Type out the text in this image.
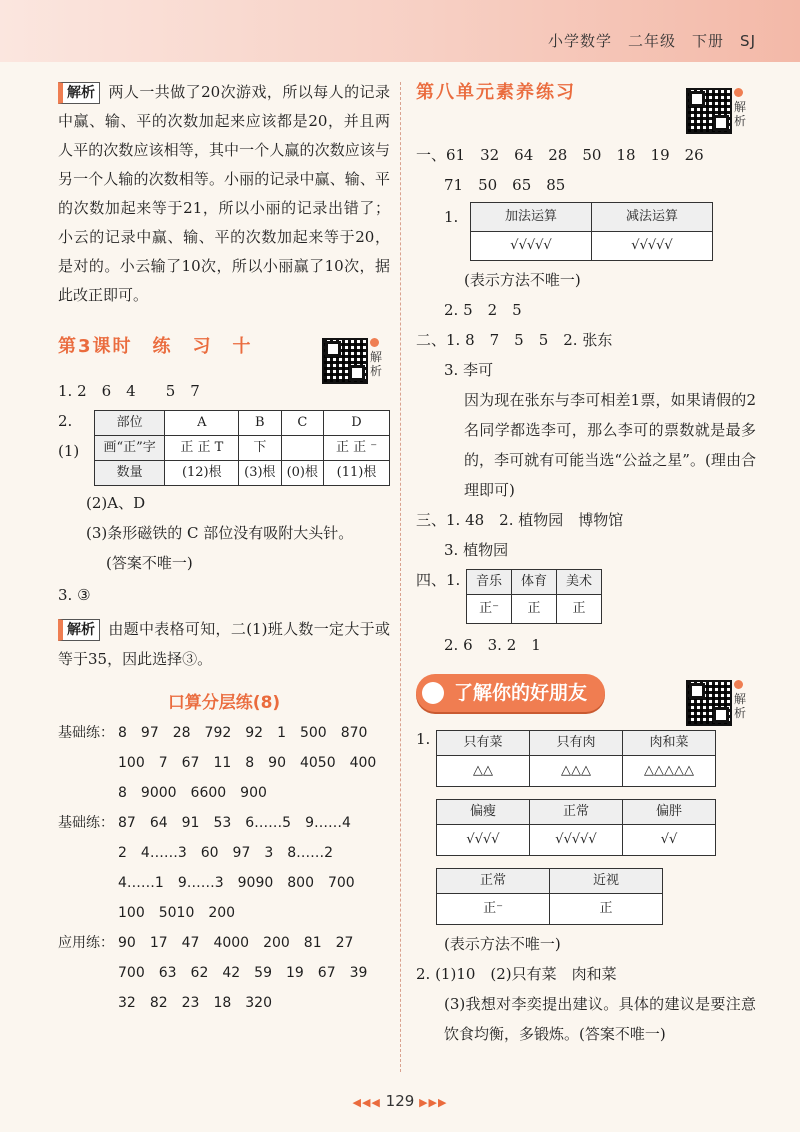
小学数学　二年级　下册　SJ

解析 两人一共做了20次游戏，所以每人的记录中赢、输、平的次数加起来应该都是20，并且两人平的次数应该相等，其中一个人赢的次数应该与另一个人输的次数相等。小丽的记录中赢、输、平的次数加起来等于21，所以小丽的记录出错了；小云的记录中赢、输、平的次数加起来等于20，是对的。小云输了10次，所以小丽赢了10次，据此改正即可。

第3课时　练　习　十

1. 2　6　4　　5　7

2. (1)
部位	A	B	C	D
画“正”字	正 正 T	下		正 正 ⁻
数量	(12)根	(3)根	(0)根	(11)根

(2)A、D

(3)条形磁铁的 C 部位没有吸附大头针。

(答案不唯一)

3. ③

解析 由题中表格可知，二(1)班人数一定大于或等于35，因此选择③。

口算分层练(8)

基础练： 8　97　28　792　92　1　500　870
100　7　67　11　8　90　4050　400
8　9000　6600　900
基础练： 87　64　91　53　6……5　9……4
2　4……3　60　97　3　8……2
4……1　9……3　9090　800　700
100　5010　200
应用练： 90　17　47　4000　200　81　27
700　63　62　42　59　19　67　39
32　82　23　18　320

解析
第八单元素养练习

一、61　32　64　28　50　18　19　26

71　50　65　85

1.	加法运算	减法运算
√√√√√	√√√√√

(表示方法不唯一)

2. 5　2　5

二、1. 8　7　5　5　2. 张东

3. 李可

因为现在张东与李可相差1票，如果请假的2名同学都选李可，那么李可的票数就是最多的，李可就有可能当选“公益之星”。(理由合理即可)

三、1. 48　2. 植物园　博物馆

3. 植物园

四、1.	音乐	体育	美术
正⁻	正	正

2. 6　3. 2　1

了解你的好朋友
1.	只有菜	只有肉	肉和菜
△△	△△△	△△△△△
偏瘦	正常	偏胖
√√√√	√√√√√	√√
正常	近视
正⁻	正

(表示方法不唯一)

2. (1)10　(2)只有菜　肉和菜

(3)我想对李奕提出建议。具体的建议是要注意饮食均衡，多锻炼。(答案不唯一)

解析

解析
◀◀◀ 129 ▶▶▶
